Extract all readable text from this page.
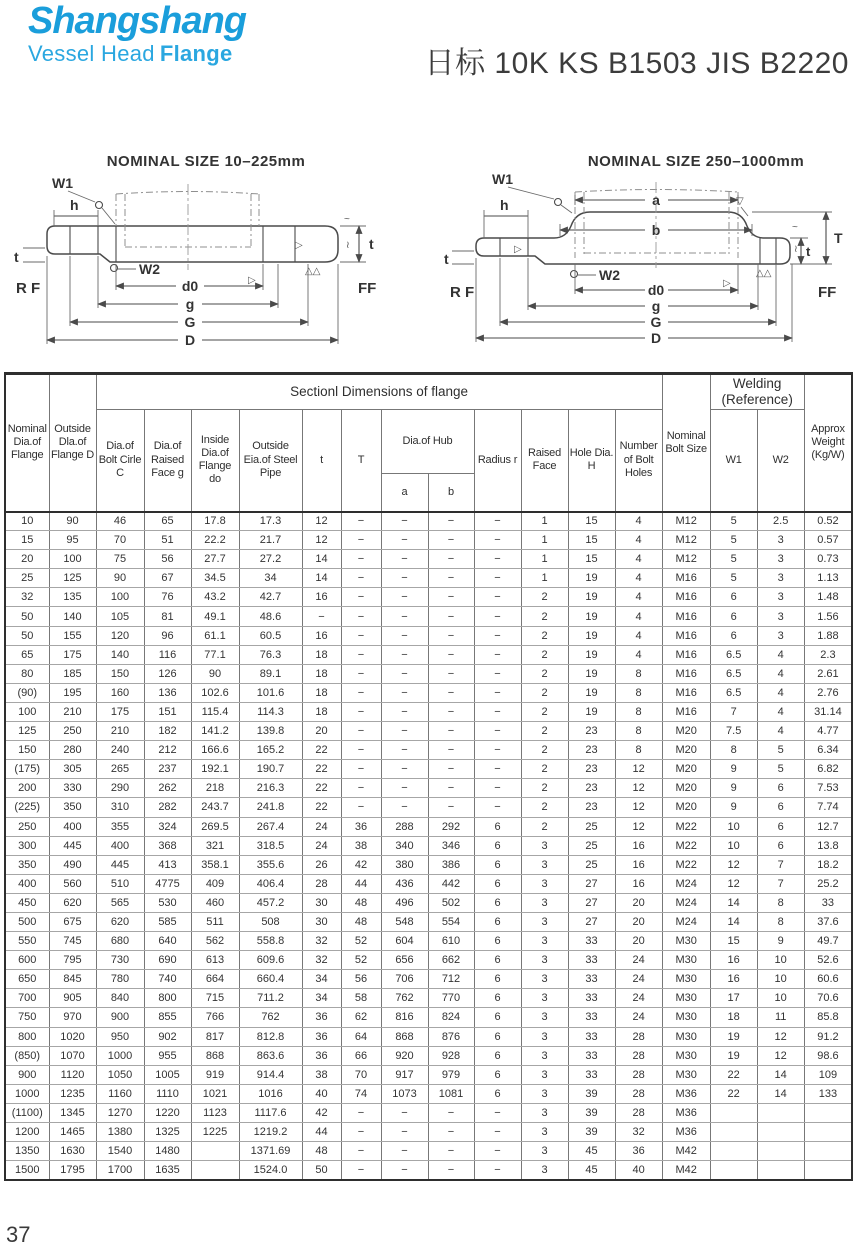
Shangshang
Vessel Head Flange	日标 10K KS B1503 JIS B2220
NOMINAL SIZE 10–225mm
W1
W2
h
t
R F	d0
g
G
D
t
FF
▷
▷
△△
~
≀
NOMINAL SIZE 250–1000mm
a
b
W1
W2
h
t
R F	d0
g
G
D
t
T
FF
▽
▷
▷
△△
~
≀
Nominal Dia.of Flange	Outside Dla.of Flange D	Sectionl Dimensions of flange												Nominal Bolt Size	Welding (Reference)		Approx Weight (Kg/W)
		Dia.of Bolt Cirle C	Dia.of Raised Face g	Inside Dia.of Flange do	Outside Eia.of Steel Pipe	t	T	Dia.of Hub		Radius r	Raised Face	Hole Dia. H	Number of Bolt Holes		W1	W2	
								a	b								
10	90	46	65	17.8	17.3	12	−	−	−	−	1	15	4	M12	5	2.5	0.52
15	95	70	51	22.2	21.7	12	−	−	−	−	1	15	4	M12	5	3	0.57
20	100	75	56	27.7	27.2	14	−	−	−	−	1	15	4	M12	5	3	0.73
25	125	90	67	34.5	34	14	−	−	−	−	1	19	4	M16	5	3	1.13
32	135	100	76	43.2	42.7	16	−	−	−	−	2	19	4	M16	6	3	1.48
50	140	105	81	49.1	48.6	−	−	−	−	−	2	19	4	M16	6	3	1.56
50	155	120	96	61.1	60.5	16	−	−	−	−	2	19	4	M16	6	3	1.88
65	175	140	116	77.1	76.3	18	−	−	−	−	2	19	4	M16	6.5	4	2.3
80	185	150	126	90	89.1	18	−	−	−	−	2	19	8	M16	6.5	4	2.61
(90)	195	160	136	102.6	101.6	18	−	−	−	−	2	19	8	M16	6.5	4	2.76
100	210	175	151	115.4	114.3	18	−	−	−	−	2	19	8	M16	7	4	31.14
125	250	210	182	141.2	139.8	20	−	−	−	−	2	23	8	M20	7.5	4	4.77
150	280	240	212	166.6	165.2	22	−	−	−	−	2	23	8	M20	8	5	6.34
(175)	305	265	237	192.1	190.7	22	−	−	−	−	2	23	12	M20	9	5	6.82
200	330	290	262	218	216.3	22	−	−	−	−	2	23	12	M20	9	6	7.53
(225)	350	310	282	243.7	241.8	22	−	−	−	−	2	23	12	M20	9	6	7.74
250	400	355	324	269.5	267.4	24	36	288	292	6	2	25	12	M22	10	6	12.7
300	445	400	368	321	318.5	24	38	340	346	6	3	25	16	M22	10	6	13.8
350	490	445	413	358.1	355.6	26	42	380	386	6	3	25	16	M22	12	7	18.2
400	560	510	4775	409	406.4	28	44	436	442	6	3	27	16	M24	12	7	25.2
450	620	565	530	460	457.2	30	48	496	502	6	3	27	20	M24	14	8	33
500	675	620	585	511	508	30	48	548	554	6	3	27	20	M24	14	8	37.6
550	745	680	640	562	558.8	32	52	604	610	6	3	33	20	M30	15	9	49.7
600	795	730	690	613	609.6	32	52	656	662	6	3	33	24	M30	16	10	52.6
650	845	780	740	664	660.4	34	56	706	712	6	3	33	24	M30	16	10	60.6
700	905	840	800	715	711.2	34	58	762	770	6	3	33	24	M30	17	10	70.6
750	970	900	855	766	762	36	62	816	824	6	3	33	24	M30	18	11	85.8
800	1020	950	902	817	812.8	36	64	868	876	6	3	33	28	M30	19	12	91.2
(850)	1070	1000	955	868	863.6	36	66	920	928	6	3	33	28	M30	19	12	98.6
900	1120	1050	1005	919	914.4	38	70	917	979	6	3	33	28	M30	22	14	109
1000	1235	1160	1110	1021	1016	40	74	1073	1081	6	3	39	28	M36	22	14	133
(1100)	1345	1270	1220	1123	1117.6	42	−	−	−	−	3	39	28	M36			
1200	1465	1380	1325	1225	1219.2	44	−	−	−	−	3	39	32	M36			
1350	1630	1540	1480		1371.69	48	−	−	−	−	3	45	36	M42			
1500	1795	1700	1635		1524.0	50	−	−	−	−	3	45	40	M42			
37
